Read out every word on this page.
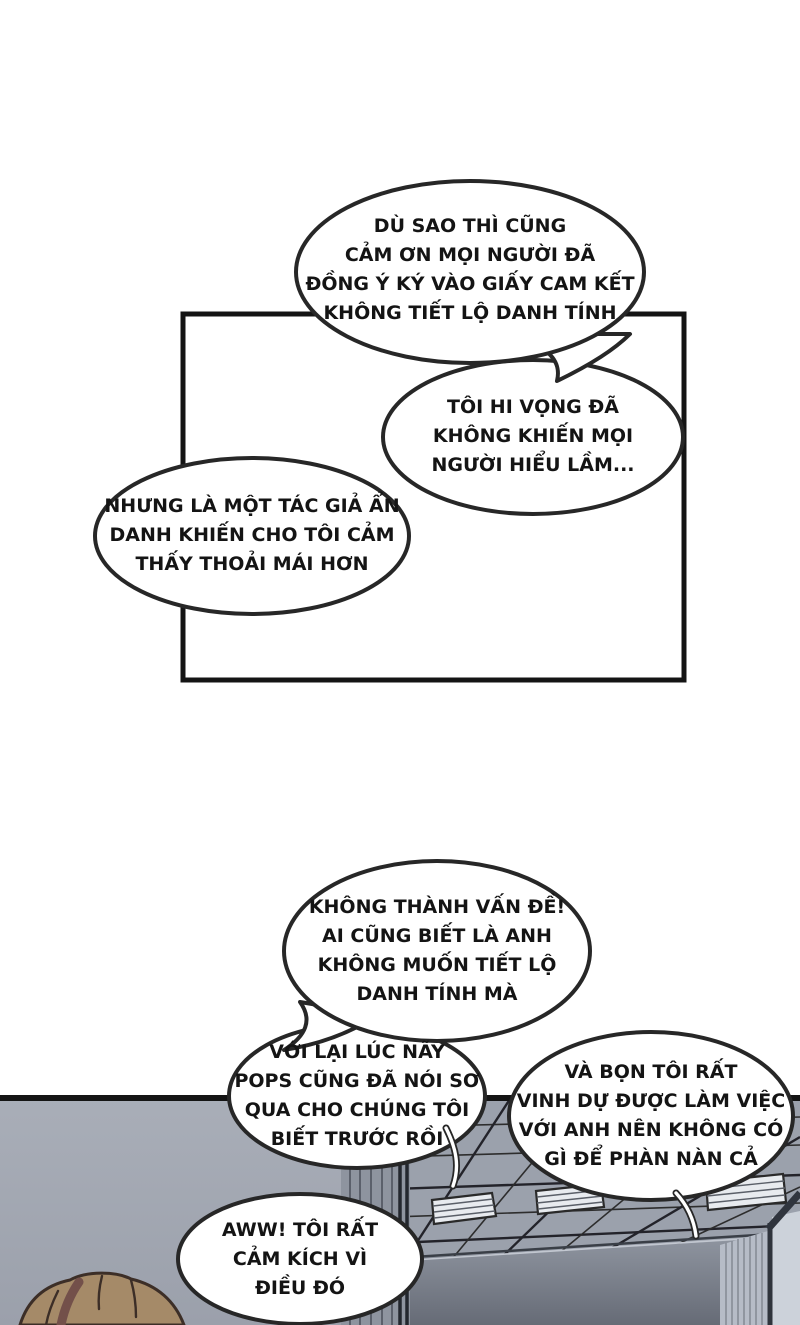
DÙ SAO THÌ CŨNG
CẢM ƠN MỌI NGƯỜI ĐÃ
ĐỒNG Ý KÝ VÀO GIẤY CAM KẾT
KHÔNG TIẾT LỘ DANH TÍNH
TÔI HI VỌNG ĐÃ
KHÔNG KHIẾN MỌI
NGƯỜI HIỂU LẦM...
NHƯNG LÀ MỘT TÁC GIẢ ẨN
DANH KHIẾN CHO TÔI CẢM
THẤY THOẢI MÁI HƠN
KHÔNG THÀNH VẤN ĐỀ!
AI CŨNG BIẾT LÀ ANH
KHÔNG MUỐN TIẾT LỘ
DANH TÍNH MÀ
VỚI LẠI LÚC NÃY
POPS CŨNG ĐÃ NÓI SƠ
QUA CHO CHÚNG TÔI
BIẾT TRƯỚC RỒI
VÀ BỌN TÔI RẤT
VINH DỰ ĐƯỢC LÀM VIỆC
VỚI ANH NÊN KHÔNG CÓ
GÌ ĐỂ PHÀN NÀN CẢ
AWW! TÔI RẤT
CẢM KÍCH VÌ
ĐIỀU ĐÓ
